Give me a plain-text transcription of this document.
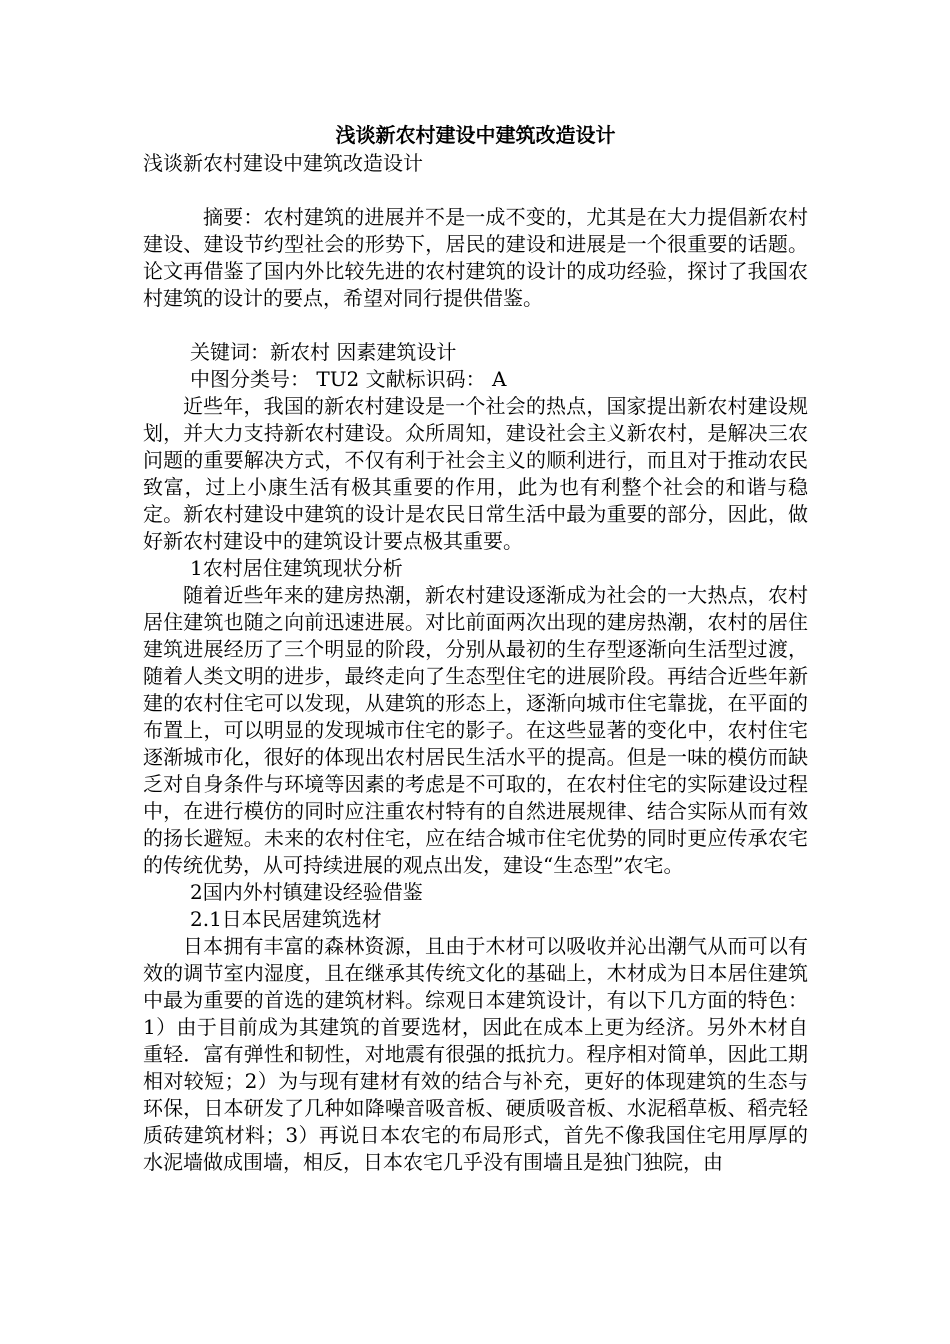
浅谈新农村建设中建筑改造设计

浅谈新农村建设中建筑改造设计

摘要：农村建筑的进展并不是一成不变的，尤其是在大力提倡新农村建设、建设节约型社会的形势下，居民的建设和进展是一个很重要的话题。论文再借鉴了国内外比较先进的农村建筑的设计的成功经验，探讨了我国农村建筑的设计的要点，希望对同行提供借鉴。

关键词：新农村 因素建筑设计

中图分类号： TU2 文献标识码： A

近些年，我国的新农村建设是一个社会的热点，国家提出新农村建设规划，并大力支持新农村建设。众所周知，建设社会主义新农村，是解决三农问题的重要解决方式，不仅有利于社会主义的顺利进行，而且对于推动农民致富，过上小康生活有极其重要的作用，此为也有利整个社会的和谐与稳定。新农村建设中建筑的设计是农民日常生活中最为重要的部分，因此，做好新农村建设中的建筑设计要点极其重要。

1农村居住建筑现状分析

随着近些年来的建房热潮，新农村建设逐渐成为社会的一大热点，农村居住建筑也随之向前迅速进展。对比前面两次出现的建房热潮，农村的居住建筑进展经历了三个明显的阶段，分别从最初的生存型逐渐向生活型过渡，随着人类文明的进步，最终走向了生态型住宅的进展阶段。再结合近些年新建的农村住宅可以发现，从建筑的形态上，逐渐向城市住宅靠拢，在平面的布置上，可以明显的发现城市住宅的影子。在这些显著的变化中，农村住宅逐渐城市化，很好的体现出农村居民生活水平的提高。但是一味的模仿而缺乏对自身条件与环境等因素的考虑是不可取的，在农村住宅的实际建设过程中，在进行模仿的同时应注重农村特有的自然进展规律、结合实际从而有效的扬长避短。未来的农村住宅，应在结合城市住宅优势的同时更应传承农宅的传统优势，从可持续进展的观点出发，建设“生态型”农宅。

2国内外村镇建设经验借鉴

2.1日本民居建筑选材

日本拥有丰富的森林资源，且由于木材可以吸收并沁出潮气从而可以有效的调节室内湿度，且在继承其传统文化的基础上，木材成为日本居住建筑中最为重要的首选的建筑材料。综观日本建筑设计，有以下几方面的特色：1）由于目前成为其建筑的首要选材，因此在成本上更为经济。另外木材自重轻．富有弹性和韧性，对地震有很强的抵抗力。程序相对简单，因此工期相对较短；2）为与现有建材有效的结合与补充，更好的体现建筑的生态与环保，日本研发了几种如降噪音吸音板、硬质吸音板、水泥稻草板、稻壳轻质砖建筑材料；3）再说日本农宅的布局形式，首先不像我国住宅用厚厚的水泥墙做成围墙，相反，日本农宅几乎没有围墙且是独门独院，由
